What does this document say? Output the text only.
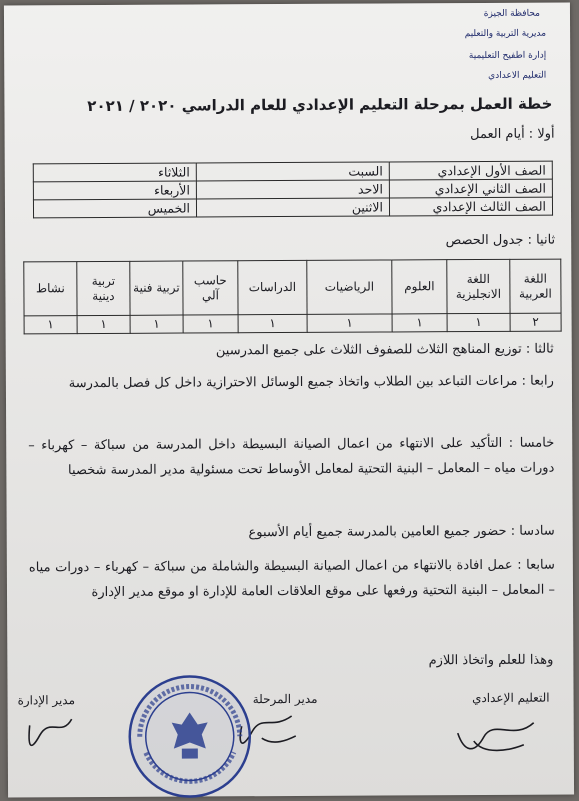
محافظة الجيزة
مديرية التربية والتعليم
إدارة اطفيح التعليمية
التعليم الاعدادي
خطة العمل بمرحلة التعليم الإعدادي للعام الدراسي ٢٠٢٠ / ٢٠٢١
أولا : أيام العمل
الصف الأول الإعدادي	السبت	الثلاثاء
الصف الثاني الإعدادي	الاحد	الأربعاء
الصف الثالث الإعدادي	الاثنين	الخميس
ثانيا : جدول الحصص
اللغة العربية	اللغة الانجليزية	العلوم	الرياضيات	الدراسات	حاسب آلي	تربية فنية	تربية دينية	نشاط
٢	١	١	١	١	١	١	١	١
ثالثا : توزيع المناهج الثلاث للصفوف الثلاث على جميع المدرسين
رابعا : مراعات التباعد بين الطلاب واتخاذ جميع الوسائل الاحترازية داخل كل فصل بالمدرسة
خامسا : التأكيد على الانتهاء من اعمال الصيانة البسيطة داخل المدرسة من سباكة – كهرباء – دورات مياه – المعامل – البنية التحتية لمعامل الأوساط تحت مسئولية مدير المدرسة شخصيا
سادسا : حضور جميع العامين بالمدرسة جميع أيام الأسبوع
سابعا : عمل افادة بالانتهاء من اعمال الصيانة البسيطة والشاملة من سباكة – كهرباء – دورات مياه – المعامل – البنية التحتية ورفعها على موقع العلاقات العامة للإدارة او موقع مدير الإدارة
وهذا للعلم واتخاذ اللازم
التعليم الإعدادي
مدير المرحلة
مدير الإدارة
